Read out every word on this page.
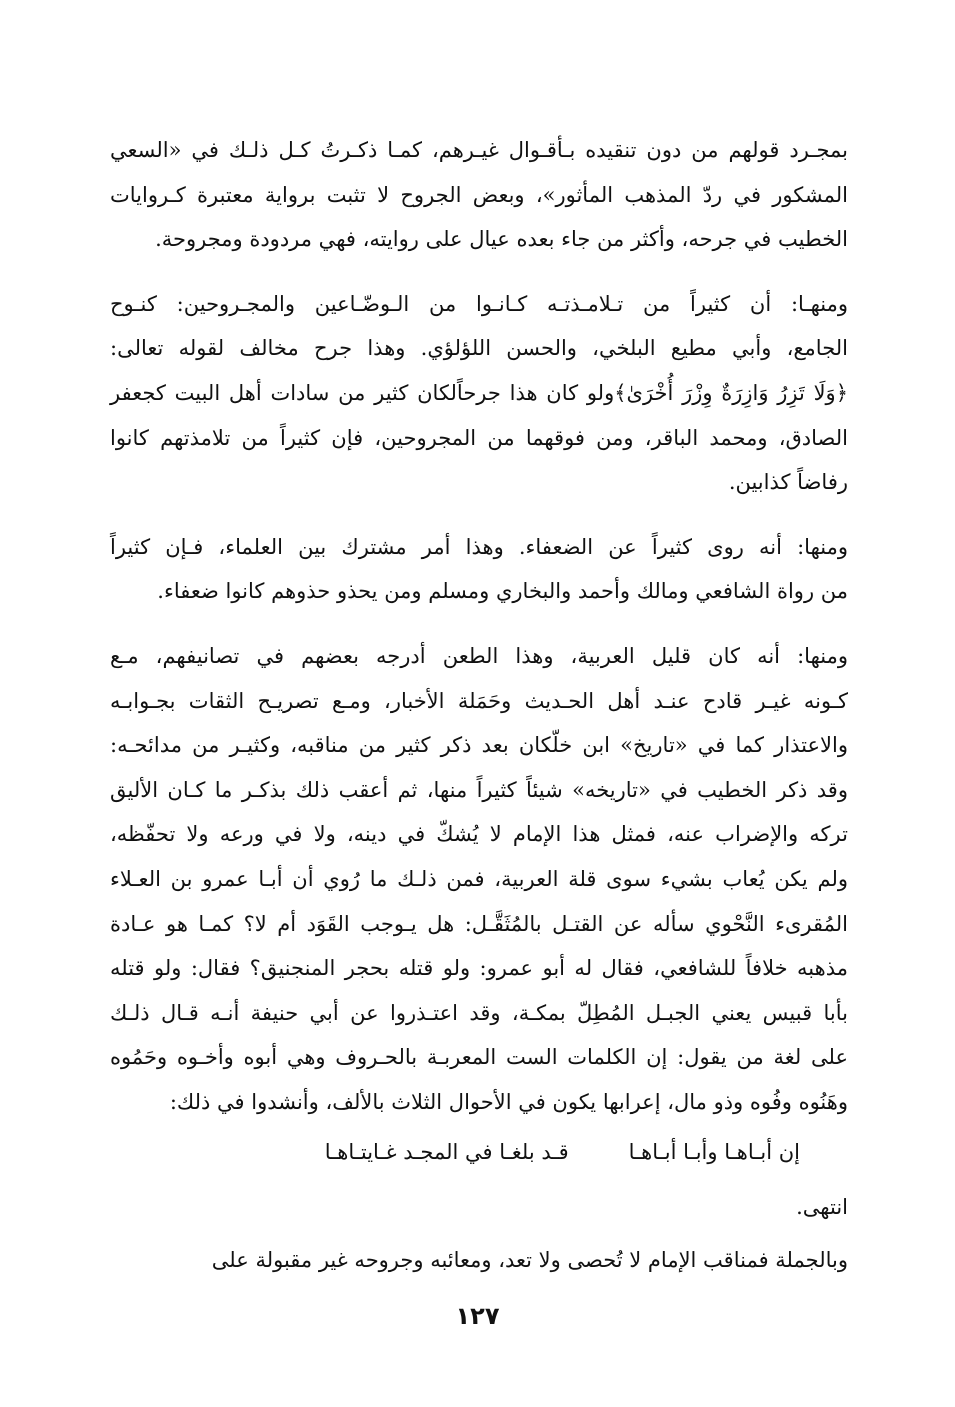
بمجـرد قولهم من دون تنقيده بـأقـوال غيـرهم، كمـا ذكـرتُ كـل ذلـك في «السعي
المشكور في ردّ المذهب المأثور»، وبعض الجروح لا تثبت برواية معتبرة كـروايات
الخطيب في جرحه، وأكثر من جاء بعده عيال على روايته، فهي مردودة ومجروحة.

ومنهـا: أن كثيراً من تـلامـذتـه كـانـوا من الـوضّـاعين والمجـروحين: كنـوح
الجامع، وأبي مطيع البلخي، والحسن اللؤلؤي. وهذا جرح مخالف لقوله تعالى:
﴿وَلَا تَزِرُ وَازِرَةٌ وِزْرَ أُخْرَىٰ﴾ولو كان هذا جرحاًلكان كثير من سادات أهل البيت كجعفر
الصادق، ومحمد الباقر، ومن فوقهما من المجروحين، فإن كثيراً من تلامذتهم كانوا
رفاضاً كذابين.

ومنها: أنه روى كثيراً عن الضعفاء. وهذا أمر مشترك بين العلماء، فـإن كثيراً
من رواة الشافعي ومالك وأحمد والبخاري ومسلم ومن يحذو حذوهم كانوا ضعفاء.

ومنها: أنه كان قليل العربية، وهذا الطعن أدرجه بعضهم في تصانيفهم، مـع
كـونه غيـر قادح عنـد أهل الحـديث وحَمَلة الأخبار، ومـع تصريـح الثقات بجـوابـه
والاعتذار كما في «تاريخ» ابن خلّكان بعد ذكر كثير من مناقبه، وكثيـر من مدائحـه:
وقد ذكر الخطيب في «تاريخه» شيئاً كثيراً منها، ثم أعقب ذلك بذكـر ما كـان الأليق
تركه والإضراب عنه، فمثل هذا الإمام لا يُشكّ في دينه، ولا في ورعه ولا تحفّظه،
ولم يكن يُعاب بشيء سوى قلة العربية، فمن ذلـك ما رُوي أن أبـا عمرو بن العـلاء
المُقرىء النَّحْوي سأله عن القتـل بالمُثَقَّـل: هل يـوجب القَوَد أم لا؟ كمـا هو عـادة
مذهبه خلافاً للشافعي، فقال له أبو عمرو: ولو قتله بحجر المنجنيق؟ فقال: ولو قتله
بأبا قبيس يعني الجبـل المُطِلّ بمكـة، وقد اعتـذروا عن أبي حنيفة أنـه قـال ذلـك
على لغة من يقول: إن الكلمات الست المعربـة بالحـروف وهي أبوه وأخـوه وحَمُوه
وهَنُوه وفُوه وذو مال، إعرابها يكون في الأحوال الثلاث بالألف، وأنشدوا في ذلك:

إن أبـاهـا وأبـا أبـاهـا
قـد بلغـا في المجـد غـايتـاهـا

انتهى.

وبالجملة فمناقب الإمام لا تُحصى ولا تعد، ومعائبه وجروحه غير مقبولة على

١٢٧
